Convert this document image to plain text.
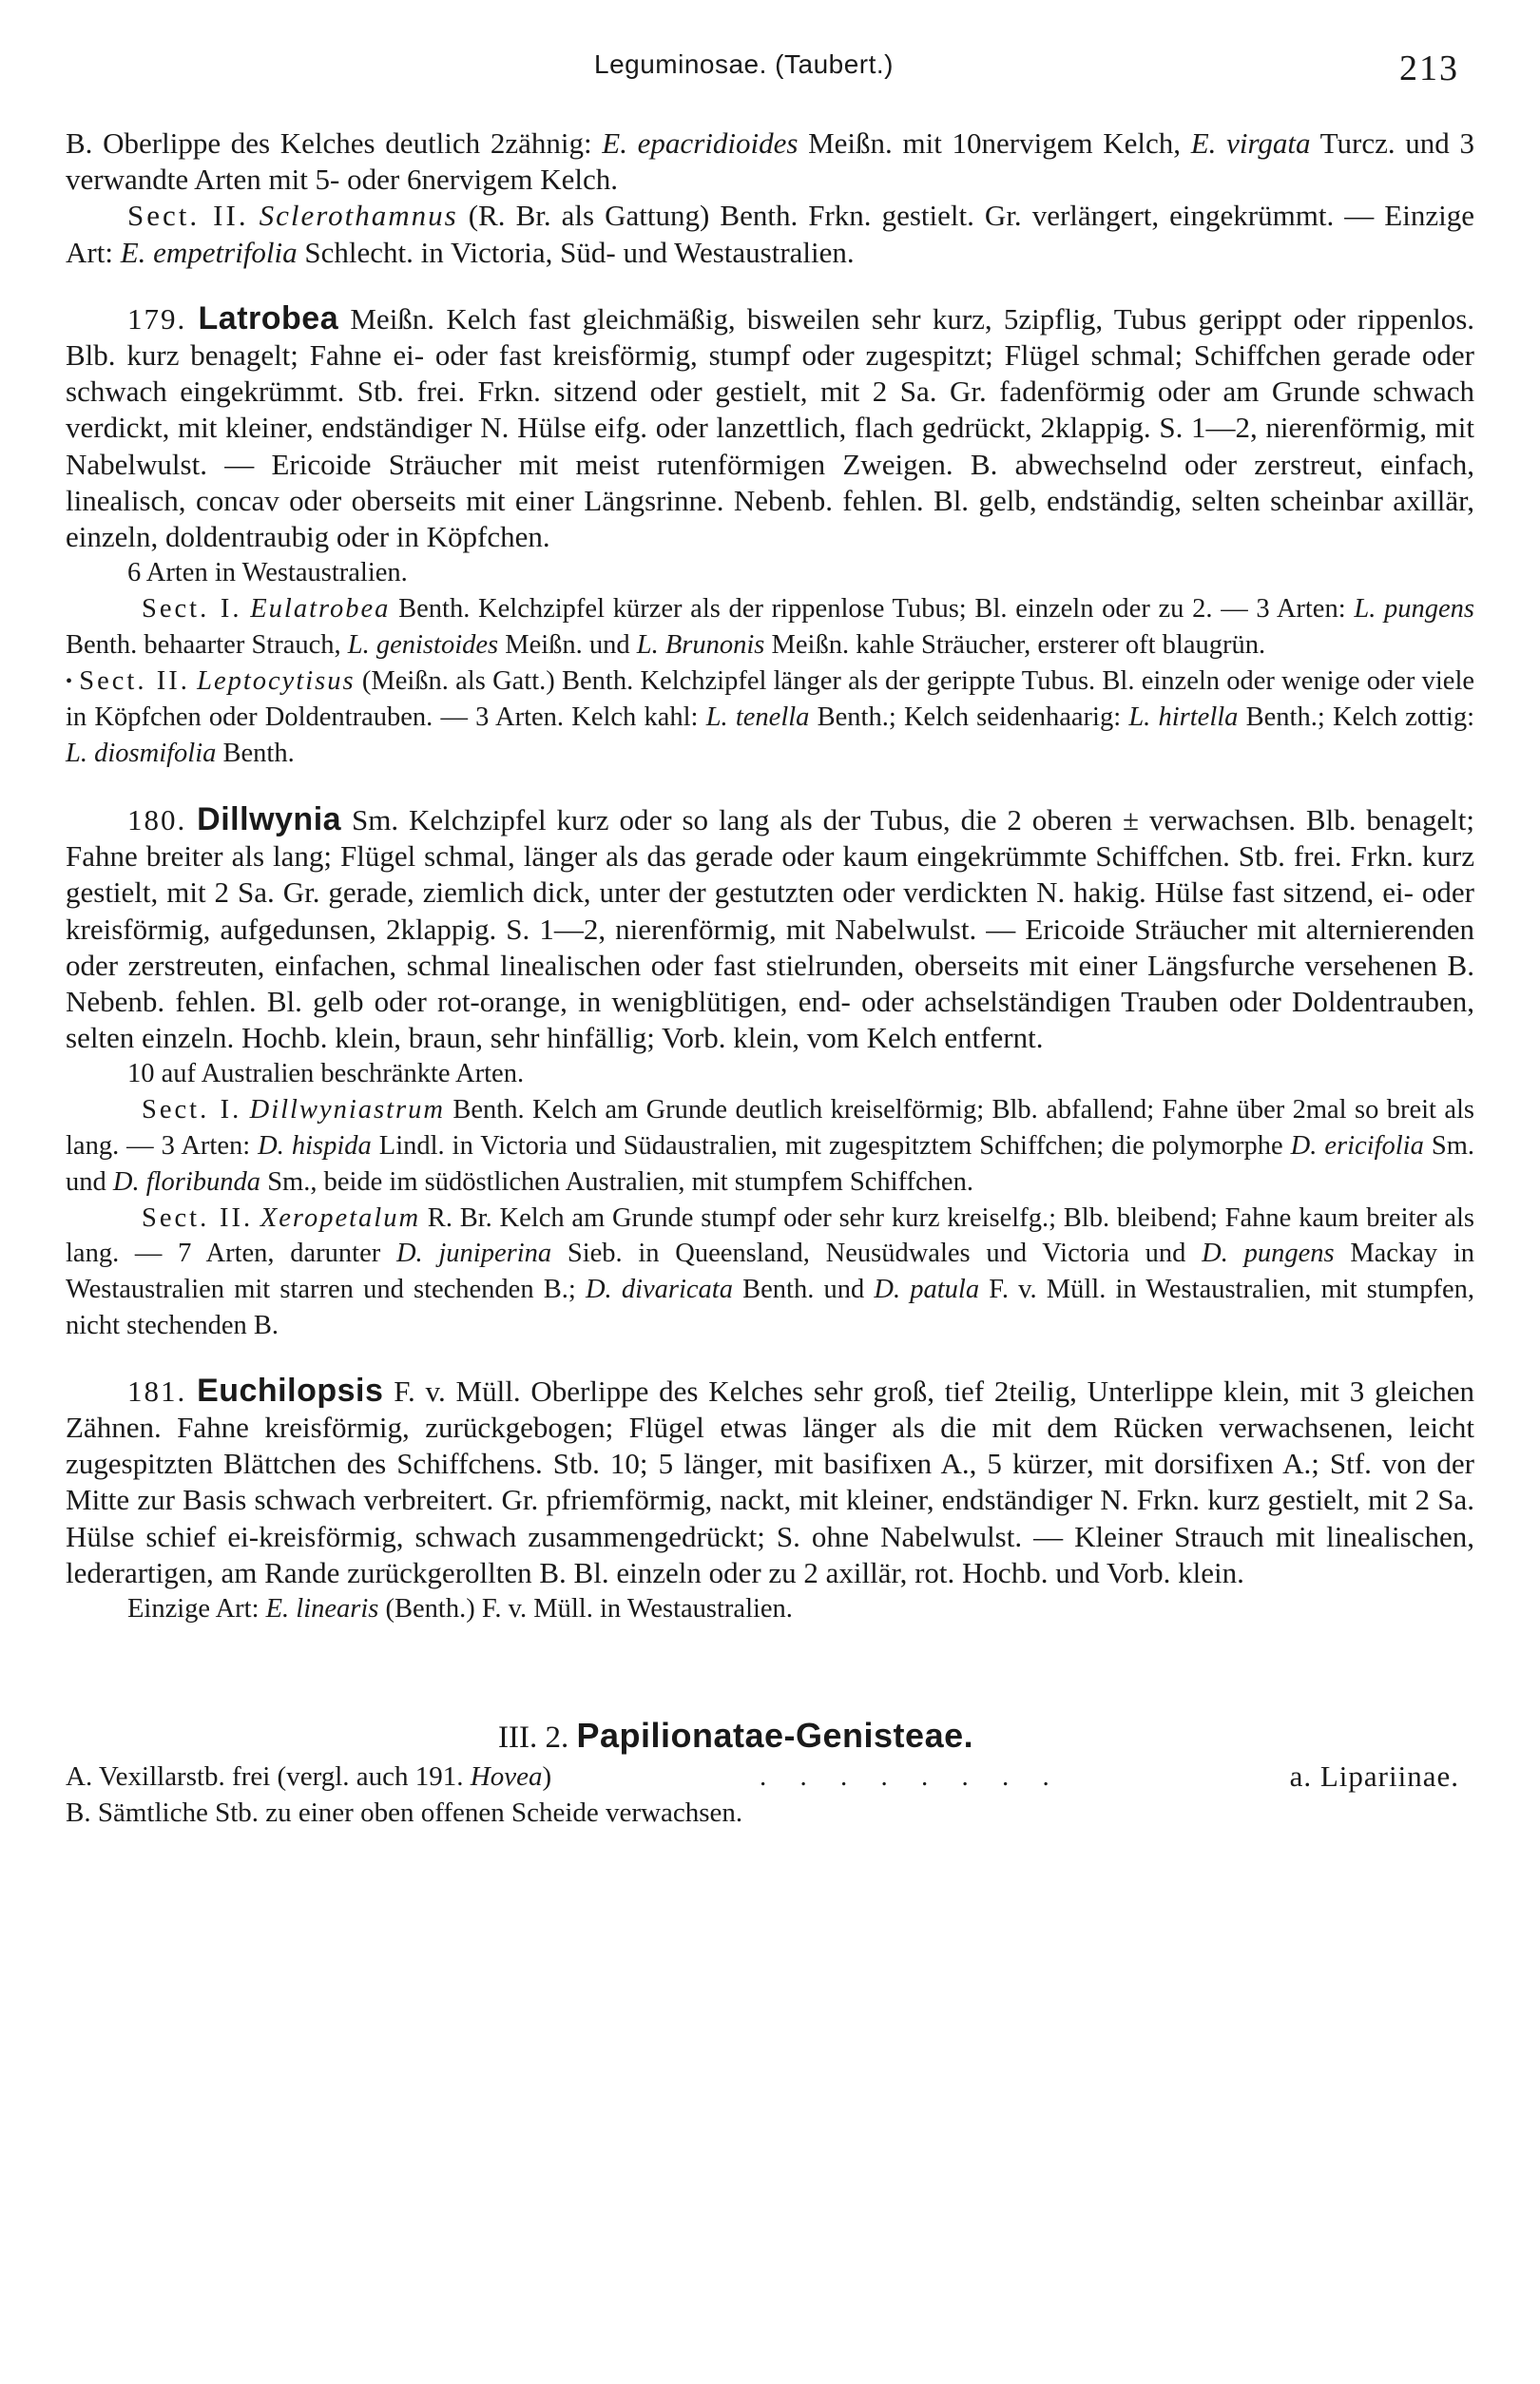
Leguminosae. (Taubert.)	213

B. Oberlippe des Kelches deutlich 2zähnig: E. epacridioides Meißn. mit 10nervigem Kelch, E. virgata Turcz. und 3 verwandte Arten mit 5- oder 6nervigem Kelch.

Sect. II. Sclerothamnus (R. Br. als Gattung) Benth. Frkn. gestielt. Gr. verlängert, eingekrümmt. — Einzige Art: E. empetrifolia Schlecht. in Victoria, Süd- und Westaustralien.

179. Latrobea Meißn. Kelch fast gleichmäßig, bisweilen sehr kurz, 5zipflig, Tubus gerippt oder rippenlos. Blb. kurz benagelt; Fahne ei- oder fast kreisförmig, stumpf oder zugespitzt; Flügel schmal; Schiffchen gerade oder schwach eingekrümmt. Stb. frei. Frkn. sitzend oder gestielt, mit 2 Sa. Gr. fadenförmig oder am Grunde schwach verdickt, mit kleiner, endständiger N. Hülse eifg. oder lanzettlich, flach gedrückt, 2klappig. S. 1—2, nierenförmig, mit Nabelwulst. — Ericoide Sträucher mit meist rutenförmigen Zweigen. B. abwechselnd oder zerstreut, einfach, linealisch, concav oder oberseits mit einer Längsrinne. Nebenb. fehlen. Bl. gelb, endständig, selten scheinbar axillär, einzeln, doldentraubig oder in Köpfchen.

6 Arten in Westaustralien.

Sect. I. Eulatrobea Benth. Kelchzipfel kürzer als der rippenlose Tubus; Bl. einzeln oder zu 2. — 3 Arten: L. pungens Benth. behaarter Strauch, L. genistoides Meißn. und L. Brunonis Meißn. kahle Sträucher, ersterer oft blaugrün.

• Sect. II. Leptocytisus (Meißn. als Gatt.) Benth. Kelchzipfel länger als der gerippte Tubus. Bl. einzeln oder wenige oder viele in Köpfchen oder Doldentrauben. — 3 Arten. Kelch kahl: L. tenella Benth.; Kelch seidenhaarig: L. hirtella Benth.; Kelch zottig: L. diosmifolia Benth.

180. Dillwynia Sm. Kelchzipfel kurz oder so lang als der Tubus, die 2 oberen ± verwachsen. Blb. benagelt; Fahne breiter als lang; Flügel schmal, länger als das gerade oder kaum eingekrümmte Schiffchen. Stb. frei. Frkn. kurz gestielt, mit 2 Sa. Gr. gerade, ziemlich dick, unter der gestutzten oder verdickten N. hakig. Hülse fast sitzend, ei- oder kreisförmig, aufgedunsen, 2klappig. S. 1—2, nierenförmig, mit Nabelwulst. — Ericoide Sträucher mit alternierenden oder zerstreuten, einfachen, schmal linealischen oder fast stielrunden, oberseits mit einer Längsfurche versehenen B. Nebenb. fehlen. Bl. gelb oder rot-orange, in wenigblütigen, end- oder achselständigen Trauben oder Doldentrauben, selten einzeln. Hochb. klein, braun, sehr hinfällig; Vorb. klein, vom Kelch entfernt.

10 auf Australien beschränkte Arten.

Sect. I. Dillwyniastrum Benth. Kelch am Grunde deutlich kreiselförmig; Blb. abfallend; Fahne über 2mal so breit als lang. — 3 Arten: D. hispida Lindl. in Victoria und Südaustralien, mit zugespitztem Schiffchen; die polymorphe D. ericifolia Sm. und D. floribunda Sm., beide im südöstlichen Australien, mit stumpfem Schiffchen.

Sect. II. Xeropetalum R. Br. Kelch am Grunde stumpf oder sehr kurz kreiselfg.; Blb. bleibend; Fahne kaum breiter als lang. — 7 Arten, darunter D. juniperina Sieb. in Queensland, Neusüdwales und Victoria und D. pungens Mackay in Westaustralien mit starren und stechenden B.; D. divaricata Benth. und D. patula F. v. Müll. in Westaustralien, mit stumpfen, nicht stechenden B.

181. Euchilopsis F. v. Müll. Oberlippe des Kelches sehr groß, tief 2teilig, Unterlippe klein, mit 3 gleichen Zähnen. Fahne kreisförmig, zurückgebogen; Flügel etwas länger als die mit dem Rücken verwachsenen, leicht zugespitzten Blättchen des Schiffchens. Stb. 10; 5 länger, mit basifixen A., 5 kürzer, mit dorsifixen A.; Stf. von der Mitte zur Basis schwach verbreitert. Gr. pfriemförmig, nackt, mit kleiner, endständiger N. Frkn. kurz gestielt, mit 2 Sa. Hülse schief ei-kreisförmig, schwach zusammengedrückt; S. ohne Nabelwulst. — Kleiner Strauch mit linealischen, lederartigen, am Rande zurückgerollten B. Bl. einzeln oder zu 2 axillär, rot. Hochb. und Vorb. klein.

Einzige Art: E. linearis (Benth.) F. v. Müll. in Westaustralien.

III. 2. Papilionatae-Genisteae.
A. Vexillarstb. frei (vergl. auch 191. Hovea)	. . . . . . . .	a. Lipariinae.
B. Sämtliche Stb. zu einer oben offenen Scheide verwachsen.
